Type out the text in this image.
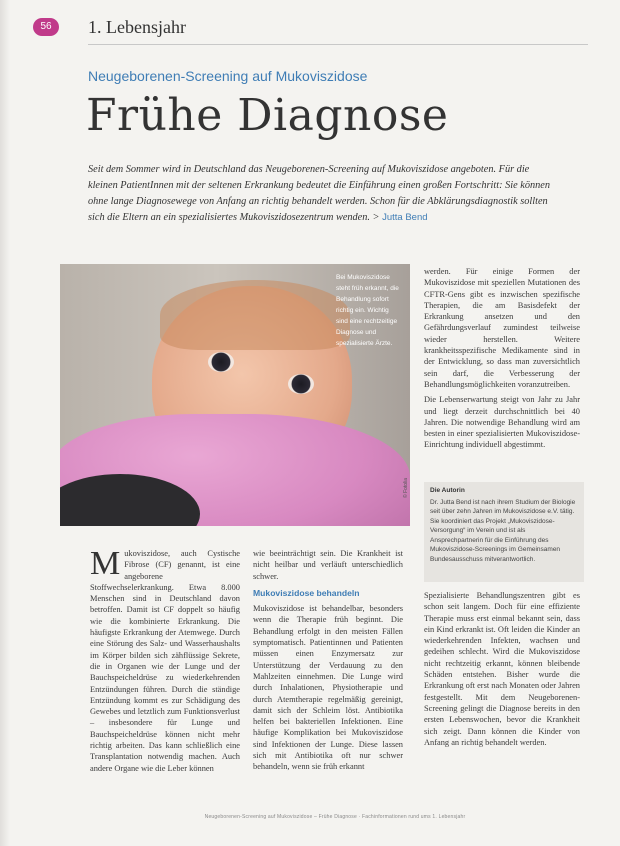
56	1. Lebensjahr
Neugeborenen-Screening auf Mukoviszidose
Frühe Diagnose
Seit dem Sommer wird in Deutschland das Neugeborenen-Screening auf Mukoviszidose angeboten. Für die kleinen PatientInnen mit der seltenen Erkrankung bedeutet die Einführung einen großen Fortschritt: Sie können ohne lange Diagnosewege von Anfang an richtig behandelt werden. Schon für die Abklärungsdiagnostik sollten sich die Eltern an ein spezialisiertes Mukoviszidosezentrum wenden. > Jutta Bend
Bei Mukoviszidose steht früh erkannt, die Behandlung sofort richtig ein. Wichtig sind eine rechtzeitige Diagnose und spezialisierte Ärzte.
© Fotolia

werden. Für einige Formen der Mukoviszidose mit speziellen Mutationen des CFTR-Gens gibt es inzwischen spezifische Therapien, die am Basisdefekt der Erkrankung ansetzen und den Gefährdungsverlauf zumindest teilweise wieder herstellen. Weitere krankheitsspezifische Medikamente sind in der Entwicklung, so dass man zuversichtlich sein darf, die Verbesserung der Behandlungsmöglichkeiten voranzutreiben.

Die Lebenserwartung steigt von Jahr zu Jahr und liegt derzeit durchschnittlich bei 40 Jahren. Die notwendige Behandlung wird am besten in einer spezialisierten Mukoviszidose-Einrichtung individuell abgestimmt.

Die Autorin
Dr. Jutta Bend ist nach ihrem Studium der Biologie seit über zehn Jahren im Mukoviszidose e.V. tätig. Sie koordiniert das Projekt „Mukoviszidose-Versorgung“ im Verein und ist als Ansprechpartnerin für die Einführung des Mukoviszidose-Screenings im Gemeinsamen Bundesausschuss mitverantwortlich.

M ukoviszidose, auch Cystische Fibrose (CF) genannt, ist eine angeborene Stoffwechselerkrankung. Etwa 8.000 Menschen sind in Deutschland davon betroffen. Damit ist CF doppelt so häufig wie die kombinierte Erkrankung. Die häufigste Erkrankung der Atemwege. Durch eine Störung des Salz- und Wasserhaushalts im Körper bilden sich zähflüssige Sekrete, die in Organen wie der Lunge und der Bauchspeicheldrüse zu wiederkehrenden Entzündungen führen. Durch die ständige Entzündung kommt es zur Schädigung des Gewebes und letztlich zum Funktionsverlust – insbesondere für Lunge und Bauchspeicheldrüse können nicht mehr richtig arbeiten. Das kann schließlich eine Transplantation notwendig machen. Auch andere Organe wie die Leber können

wie beeinträchtigt sein. Die Krankheit ist nicht heilbar und verläuft unterschiedlich schwer.

Mukoviszidose behandeln

Mukoviszidose ist behandelbar, besonders wenn die Therapie früh beginnt. Die Behandlung erfolgt in den meisten Fällen symptomatisch. Patientinnen und Patienten müssen einen Enzymersatz zur Unterstützung der Verdauung zu den Mahlzeiten einnehmen. Die Lunge wird durch Inhalationen, Physiotherapie und durch Atemtherapie regelmäßig gereinigt, damit sich der Schleim löst. Antibiotika helfen bei bakteriellen Infektionen. Eine häufige Komplikation bei Mukoviszidose sind Infektionen der Lunge. Diese lassen sich mit Antibiotika oft nur schwer behandeln, wenn sie früh erkannt

Spezialisierte Behandlungszentren gibt es schon seit langem. Doch für eine effiziente Therapie muss erst einmal bekannt sein, dass ein Kind erkrankt ist. Oft leiden die Kinder an wiederkehrenden Infekten, wachsen und gedeihen schlecht. Wird die Mukoviszidose nicht rechtzeitig erkannt, können bleibende Schäden entstehen. Bisher wurde die Erkrankung oft erst nach Monaten oder Jahren festgestellt. Mit dem Neugeborenen-Screening gelingt die Diagnose bereits in den ersten Lebenswochen, bevor die Krankheit sich zeigt. Dann können die Kinder von Anfang an richtig behandelt werden.

Neugeborenen-Screening auf Mukoviszidose – Frühe Diagnose · Fachinformationen rund ums 1. Lebensjahr
